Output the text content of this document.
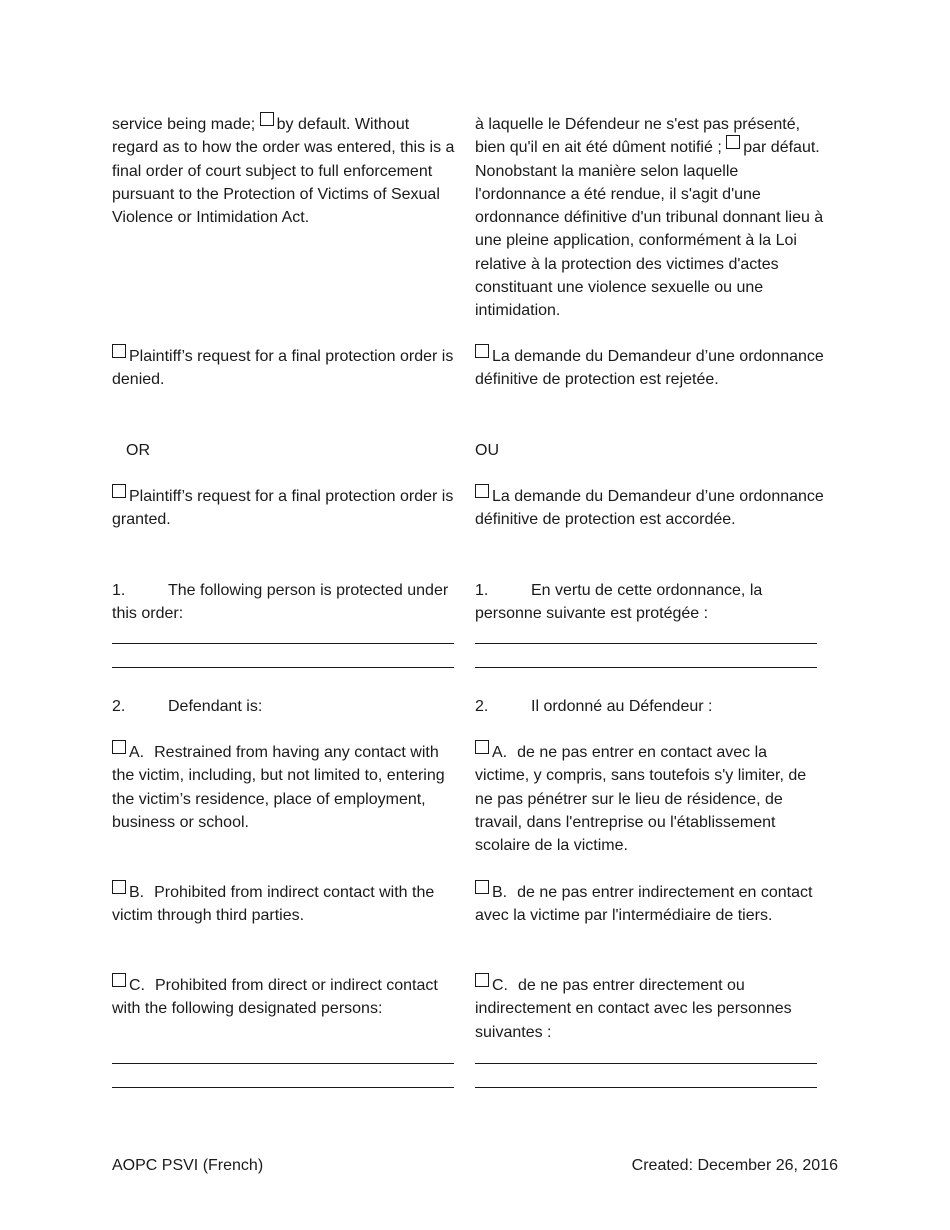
service being made; by default. Without regard as to how the order was entered, this is a final order of court subject to full enforcement pursuant to the Protection of Victims of Sexual Violence or Intimidation Act.
à laquelle le Défendeur ne s'est pas présenté, bien qu'il en ait été dûment notifié ; par défaut. Nonobstant la manière selon laquelle l'ordonnance a été rendue, il s'agit d'une ordonnance définitive d'un tribunal donnant lieu à une pleine application, conformément à la Loi relative à la protection des victimes d'actes constituant une violence sexuelle ou une intimidation.
Plaintiff’s request for a final protection order is denied.
La demande du Demandeur d’une ordonnance définitive de protection est rejetée.
OR	OU
Plaintiff’s request for a final protection order is granted.
La demande du Demandeur d’une ordonnance définitive de protection est accordée.
1.	The following person is protected under this order:
1.	En vertu de cette ordonnance, la personne suivante est protégée :
2.	Defendant is:	2.	Il ordonné au Défendeur :
A. Restrained from having any contact with the victim, including, but not limited to, entering the victim’s residence, place of employment, business or school.
A. de ne pas entrer en contact avec la victime, y compris, sans toutefois s'y limiter, de ne pas pénétrer sur le lieu de résidence, de travail, dans l'entreprise ou l'établissement scolaire de la victime.
B. Prohibited from indirect contact with the victim through third parties.
B. de ne pas entrer indirectement en contact avec la victime par l'intermédiaire de tiers.
C. Prohibited from direct or indirect contact with the following designated persons:
C. de ne pas entrer directement ou indirectement en contact avec les personnes suivantes :
AOPC PSVI (French)	Created: December 26, 2016
